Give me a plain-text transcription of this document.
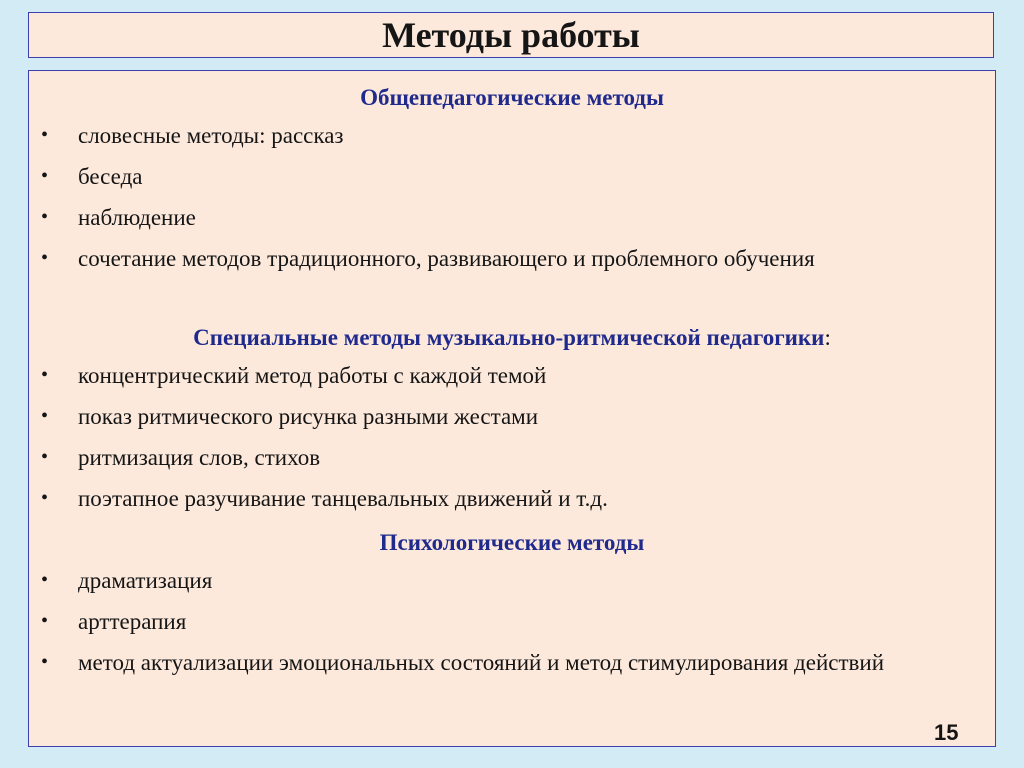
Методы работы
Общепедагогические методы
• словесные методы: рассказ
• беседа
• наблюдение
• сочетание методов традиционного, развивающего и проблемного обучения
Специальные методы музыкально-ритмической педагогики:
• концентрический метод работы с каждой темой
• показ ритмического рисунка разными жестами
• ритмизация слов, стихов
• поэтапное разучивание танцевальных движений и т.д.
Психологические методы
• драматизация
• арттерапия
• метод актуализации эмоциональных состояний и метод стимулирования действий
15
